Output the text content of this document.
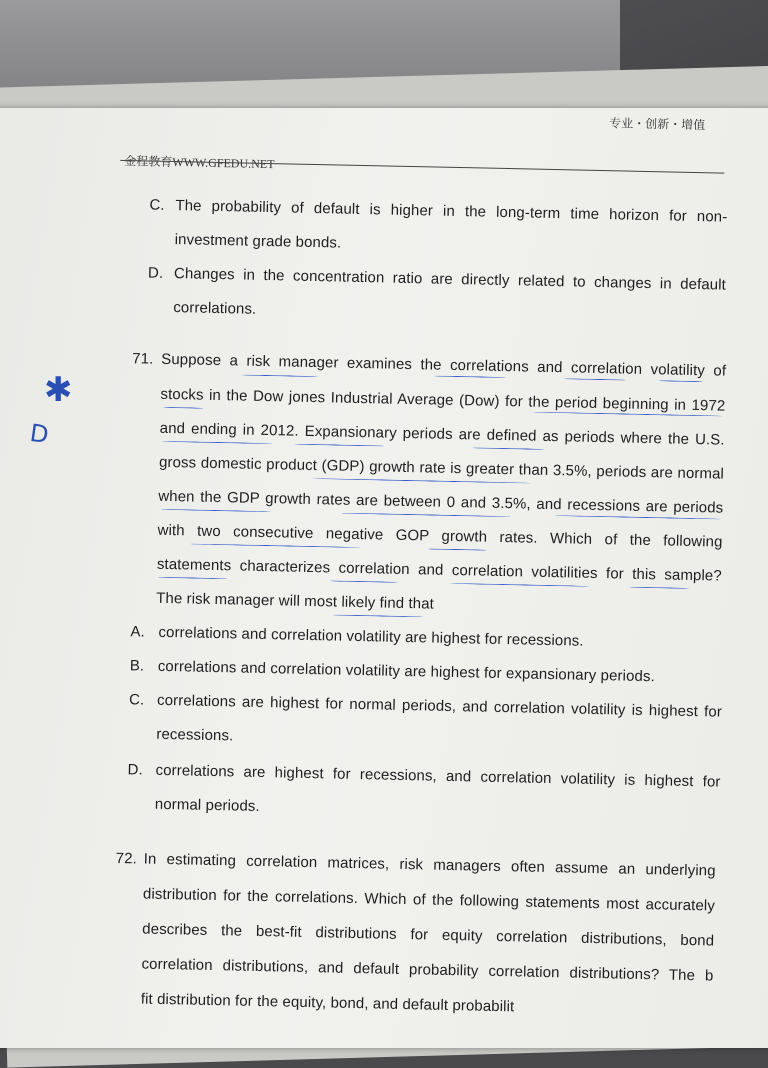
专业・创新・增值
金程教育WWW.GFEDU.NET
C. The probability of default is higher in the long-term time horizon for non-
investment grade bonds.
D. Changes in the concentration ratio are directly related to changes in default
correlations.
71. Suppose a risk manager examines the correlations and correlation volatility of
stocks in the Dow jones Industrial Average (Dow) for the period beginning in 1972
and ending in 2012. Expansionary periods are defined as periods where the U.S.
gross domestic product (GDP) growth rate is greater than 3.5%, periods are normal
when the GDP growth rates are between 0 and 3.5%, and recessions are periods
with two consecutive negative GOP growth rates. Which of the following
statements characterizes correlation and correlation volatilities for this sample?
The risk manager will most likely find that
A. correlations and correlation volatility are highest for recessions.
B. correlations and correlation volatility are highest for expansionary periods.
C. correlations are highest for normal periods, and correlation volatility is highest for
recessions.
D. correlations are highest for recessions, and correlation volatility is highest for
normal periods.
72. In estimating correlation matrices, risk managers often assume an underlying
distribution for the correlations. Which of the following statements most accurately
describes the best-fit distributions for equity correlation distributions, bond
correlation distributions, and default probability correlation distributions? The b
fit distribution for the equity, bond, and default probabilit
​
✱
D
